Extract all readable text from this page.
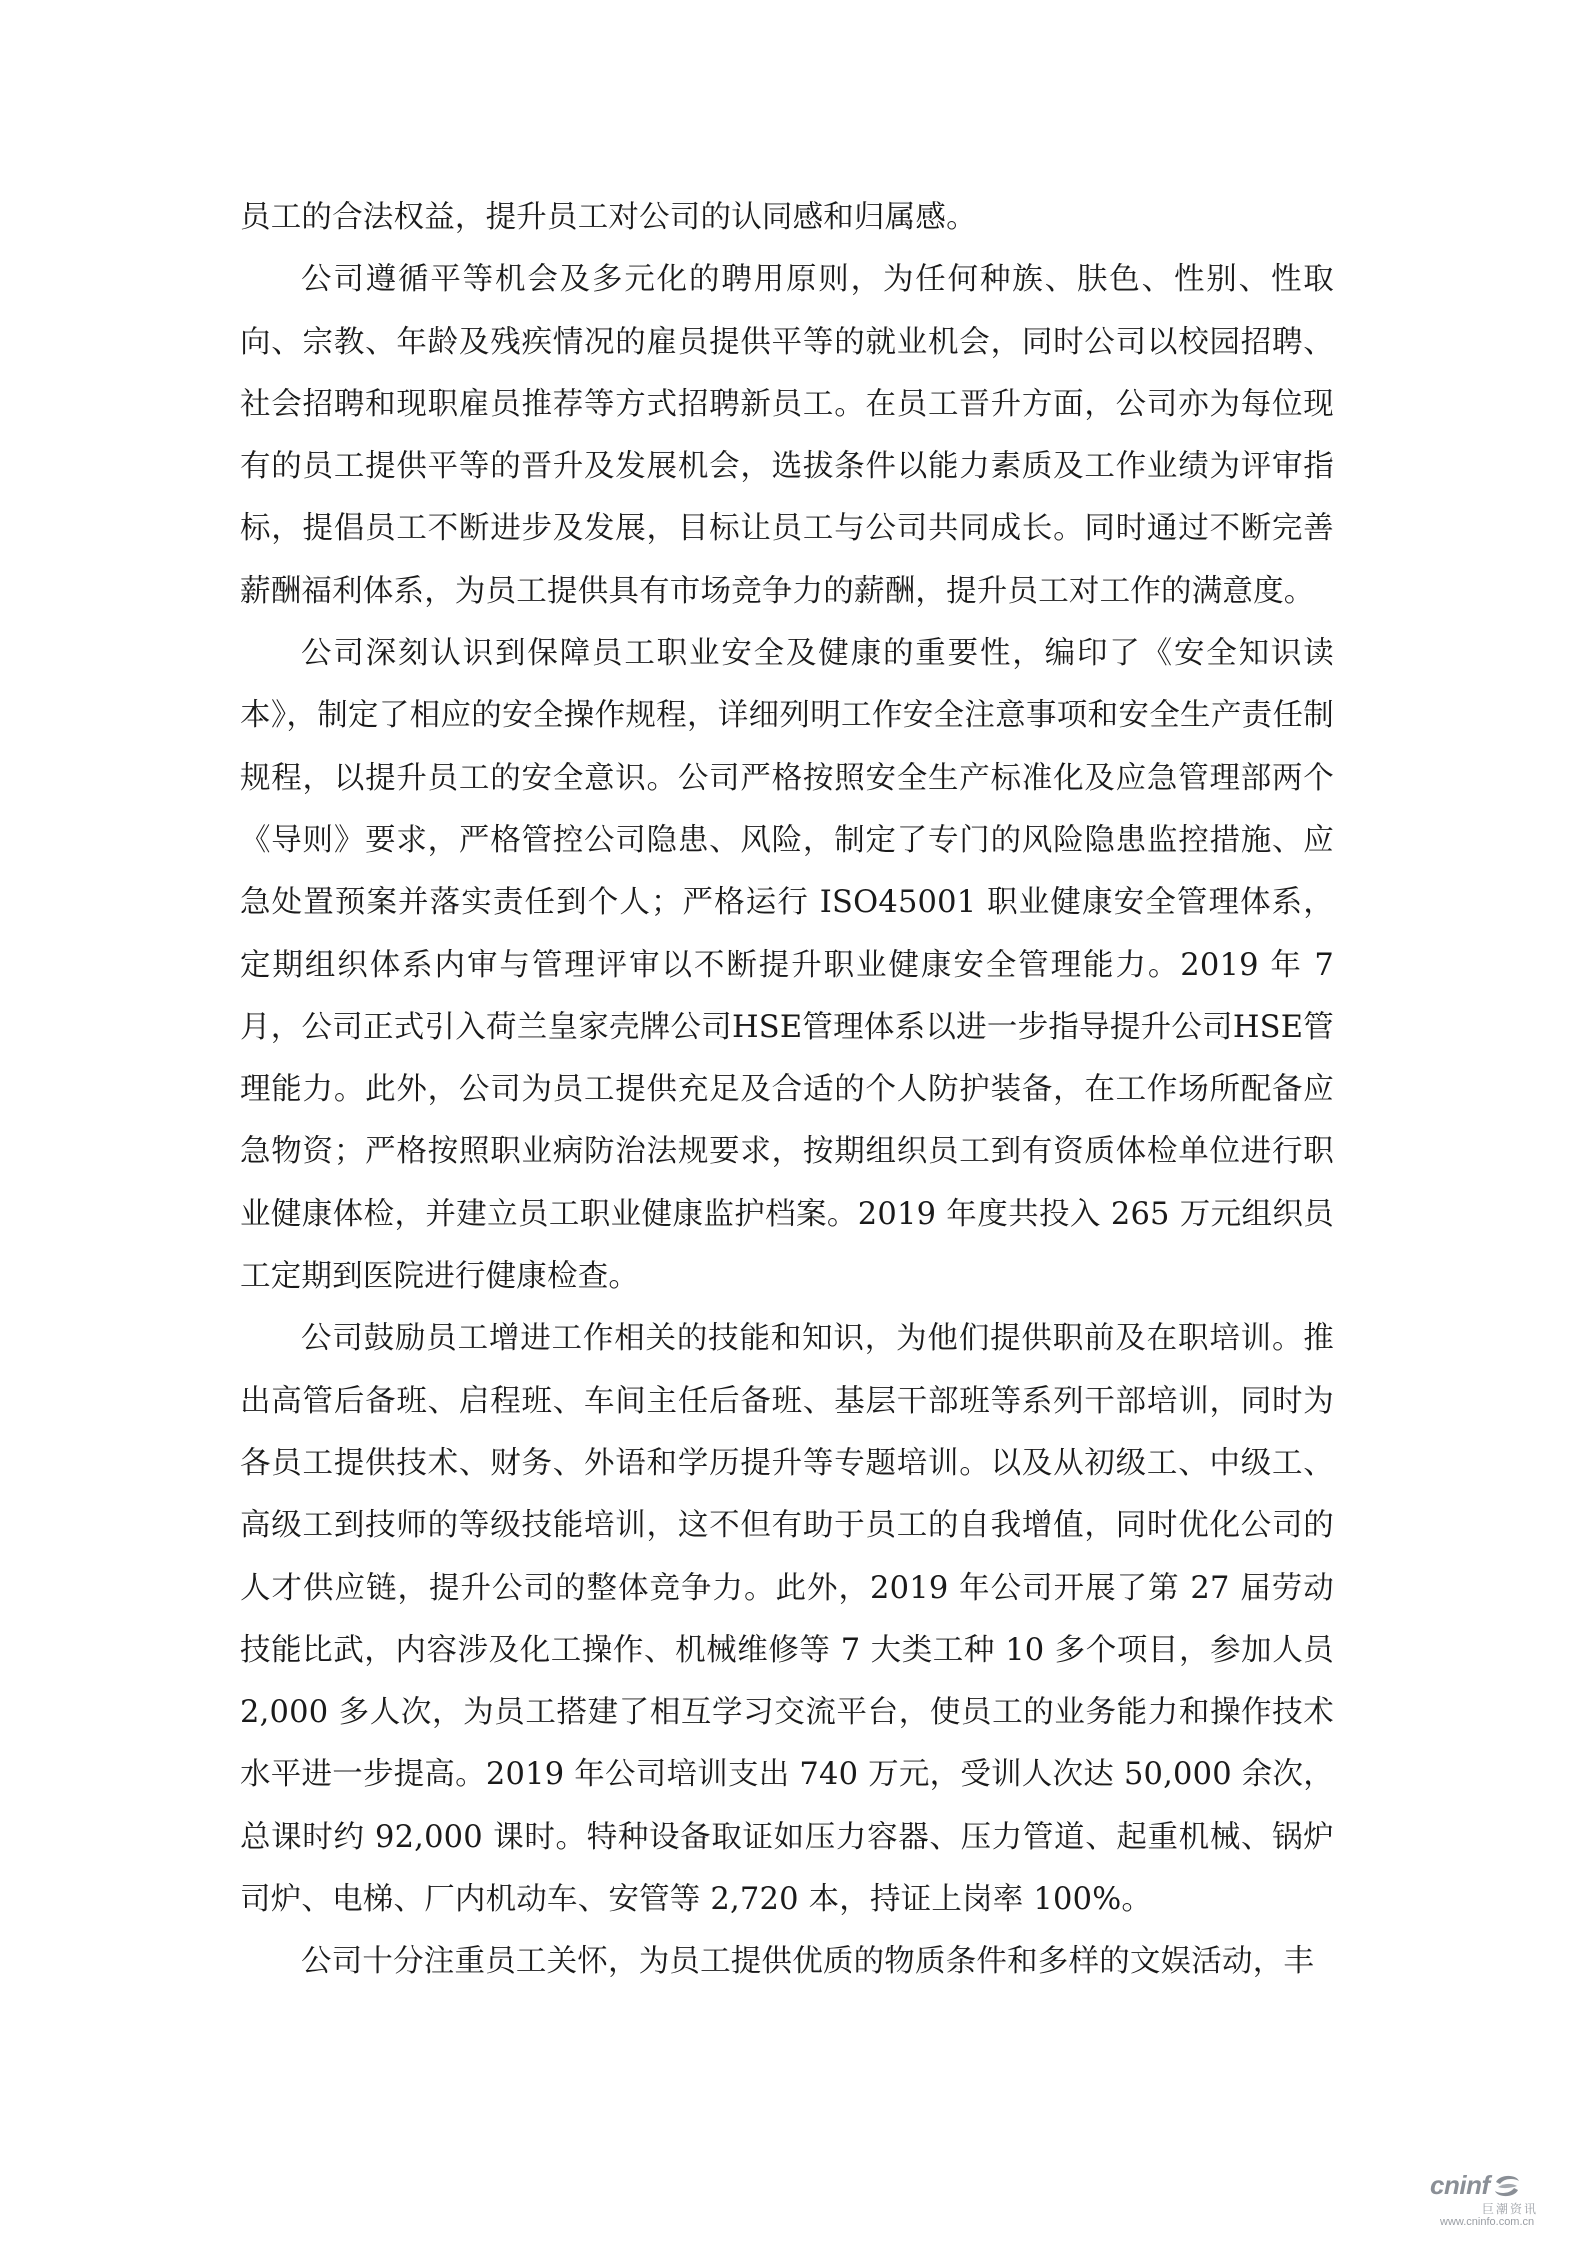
员工的合法权益，提升员工对公司的认同感和归属感。

公司遵循平等机会及多元化的聘用原则，为任何种族、肤色、性别、性取向、宗教、年龄及残疾情况的雇员提供平等的就业机会，同时公司以校园招聘、社会招聘和现职雇员推荐等方式招聘新员工。在员工晋升方面，公司亦为每位现有的员工提供平等的晋升及发展机会，选拔条件以能力素质及工作业绩为评审指标，提倡员工不断进步及发展，目标让员工与公司共同成长。同时通过不断完善薪酬福利体系，为员工提供具有市场竞争力的薪酬，提升员工对工作的满意度。

公司深刻认识到保障员工职业安全及健康的重要性，编印了《安全知识读本》，制定了相应的安全操作规程，详细列明工作安全注意事项和安全生产责任制规程，以提升员工的安全意识。公司严格按照安全生产标准化及应急管理部两个《导则》要求，严格管控公司隐患、风险，制定了专门的风险隐患监控措施、应急处置预案并落实责任到个人；严格运行 ISO45001 职业健康安全管理体系，定期组织体系内审与管理评审以不断提升职业健康安全管理能力。2019 年 7 月，公司正式引入荷兰皇家壳牌公司HSE管理体系以进一步指导提升公司HSE管理能力。此外，公司为员工提供充足及合适的个人防护装备，在工作场所配备应急物资；严格按照职业病防治法规要求，按期组织员工到有资质体检单位进行职业健康体检，并建立员工职业健康监护档案。2019 年度共投入 265 万元组织员工定期到医院进行健康检查。

公司鼓励员工增进工作相关的技能和知识，为他们提供职前及在职培训。推出高管后备班、启程班、车间主任后备班、基层干部班等系列干部培训，同时为各员工提供技术、财务、外语和学历提升等专题培训。以及从初级工、中级工、高级工到技师的等级技能培训，这不但有助于员工的自我增值，同时优化公司的人才供应链，提升公司的整体竞争力。此外，2019 年公司开展了第 27 届劳动技能比武，内容涉及化工操作、机械维修等 7 大类工种 10 多个项目，参加人员 2,000 多人次，为员工搭建了相互学习交流平台，使员工的业务能力和操作技术水平进一步提高。2019 年公司培训支出 740 万元，受训人次达 50,000 余次，总课时约 92,000 课时。特种设备取证如压力容器、压力管道、起重机械、锅炉司炉、电梯、厂内机动车、安管等 2,720 本，持证上岗率 100%。

公司十分注重员工关怀，为员工提供优质的物质条件和多样的文娱活动，丰

cninf
巨潮资讯
www.cninfo.com.cn
